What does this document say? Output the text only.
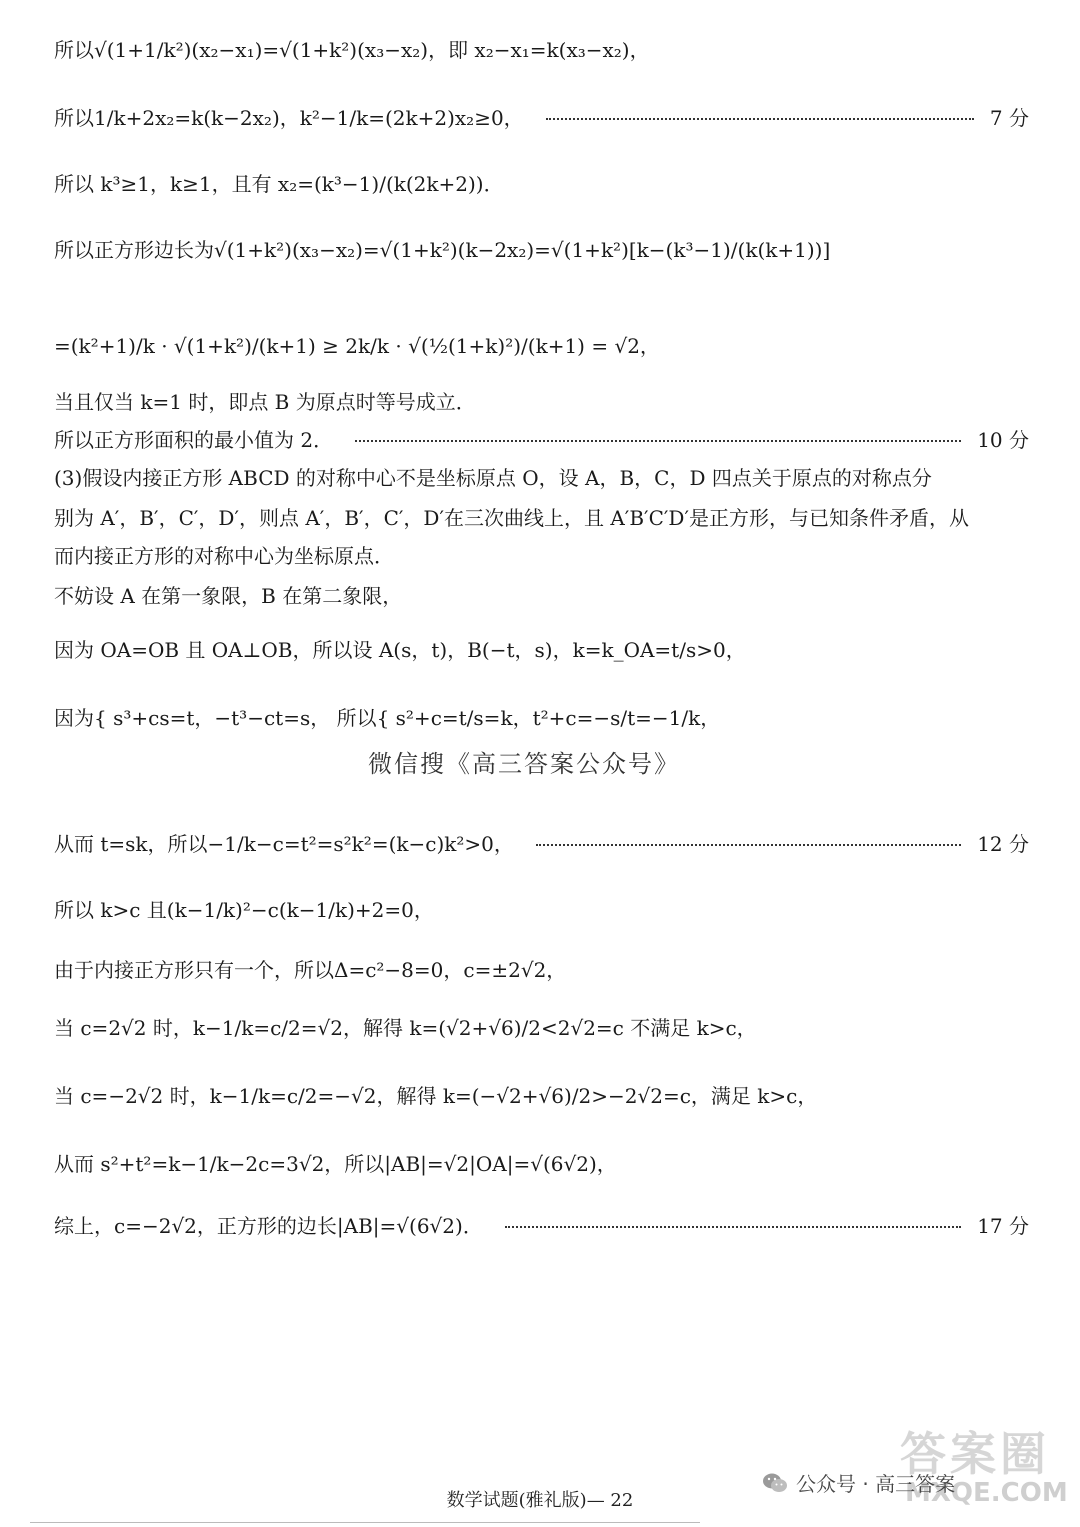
所以√(1+1/k²)(x₂−x₁)=√(1+k²)(x₃−x₂)，即 x₂−x₁=k(x₃−x₂)，
所以1/k+2x₂=k(k−2x₂)，k²−1/k=(2k+2)x₂≥0，	7 分
所以 k³≥1，k≥1，且有 x₂=(k³−1)/(k(2k+2))．
所以正方形边长为√(1+k²)(x₃−x₂)=√(1+k²)(k−2x₂)=√(1+k²)[k−(k³−1)/(k(k+1))]
=(k²+1)/k · √(1+k²)/(k+1) ≥ 2k/k · √(½(1+k)²)/(k+1) = √2，
当且仅当 k=1 时，即点 B 为原点时等号成立．
所以正方形面积的最小值为 2．	10 分
(3)假设内接正方形 ABCD 的对称中心不是坐标原点 O，设 A，B，C，D 四点关于原点的对称点分
别为 A′，B′，C′，D′，则点 A′，B′，C′，D′在三次曲线上，且 A′B′C′D′是正方形，与已知条件矛盾，从
而内接正方形的对称中心为坐标原点．
不妨设 A 在第一象限，B 在第二象限，
因为 OA=OB 且 OA⊥OB，所以设 A(s，t)，B(−t，s)，k=k_OA=t/s>0，
因为{ s³+cs=t，−t³−ct=s， 所以{ s²+c=t/s=k，t²+c=−s/t=−1/k，
微信搜《高三答案公众号》
从而 t=sk，所以−1/k−c=t²=s²k²=(k−c)k²>0，	12 分
所以 k>c 且(k−1/k)²−c(k−1/k)+2=0，
由于内接正方形只有一个，所以Δ=c²−8=0，c=±2√2，
当 c=2√2 时，k−1/k=c/2=√2，解得 k=(√2+√6)/2<2√2=c 不满足 k>c，
当 c=−2√2 时，k−1/k=c/2=−√2，解得 k=(−√2+√6)/2>−2√2=c，满足 k>c，
从而 s²+t²=k−1/k−2c=3√2，所以|AB|=√2|OA|=√(6√2)，
综上，c=−2√2，正方形的边长|AB|=√(6√2)．	17 分
答案圈
MXQE.COM
公众号 · 高三答案
数学试题(雅礼版)— 22
